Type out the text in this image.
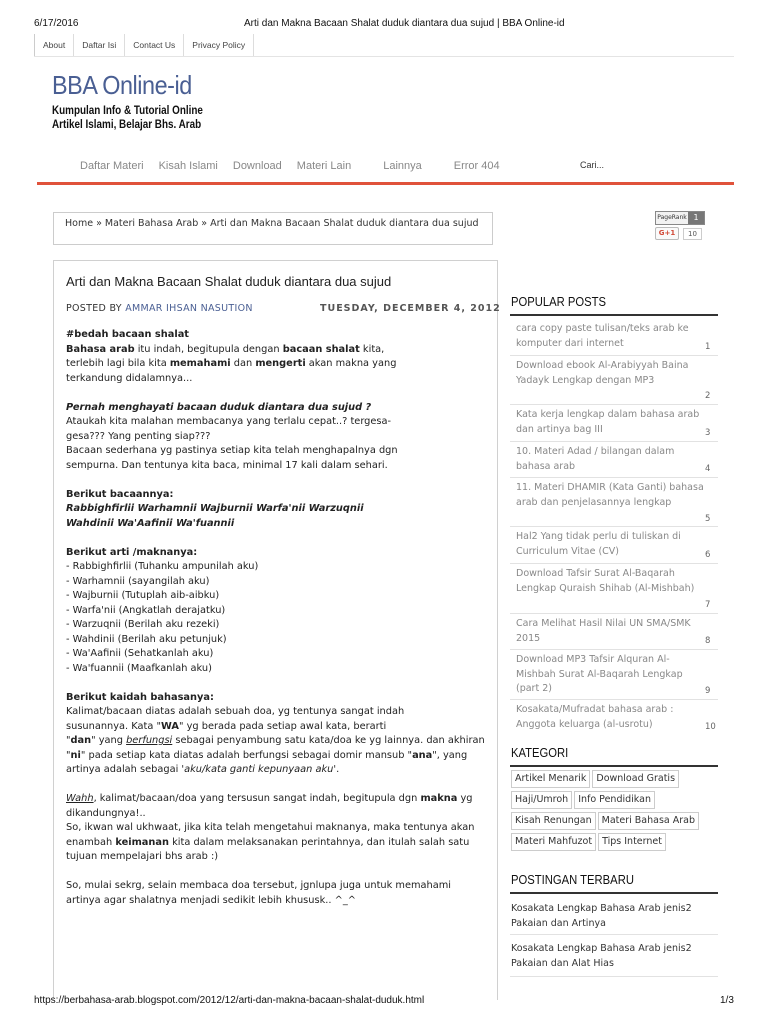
6/17/2016	Arti dan Makna Bacaan Shalat duduk diantara dua sujud | BBA Online-id
About	Daftar Isi	Contact Us	Privacy Policy
BBA Online-id
Kumpulan Info & Tutorial Online
Artikel Islami, Belajar Bhs. Arab
Daftar Materi Kisah Islami Download Materi Lain	Lainnya	Error 404	Cari...
Home » Materi Bahasa Arab » Arti dan Makna Bacaan Shalat duduk diantara dua sujud
PageRank 1
G+1	10
Arti dan Makna Bacaan Shalat duduk diantara dua sujud
POSTED BY AMMAR IHSAN NASUTION	TUESDAY, DECEMBER 4, 2012

#bedah bacaan shalat

Bahasa arab itu indah, begitupula dengan bacaan shalat kita,

terlebih lagi bila kita memahami dan mengerti akan makna yang

terkandung didalamnya...

Pernah menghayati bacaan duduk diantara dua sujud ?

Ataukah kita malahan membacanya yang terlalu cepat..? tergesa-

gesa??? Yang penting siap???

Bacaan sederhana yg pastinya setiap kita telah menghapalnya dgn

sempurna. Dan tentunya kita baca, minimal 17 kali dalam sehari.

Berikut bacaannya:

Rabbighfirlii Warhamnii Wajburnii Warfa'nii Warzuqnii

Wahdinii Wa'Aafinii Wa'fuannii

Berikut arti /maknanya:

- Rabbighfirlii (Tuhanku ampunilah aku)

- Warhamnii (sayangilah aku)

- Wajburnii (Tutuplah aib-aibku)

- Warfa'nii (Angkatlah derajatku)

- Warzuqnii (Berilah aku rezeki)

- Wahdinii (Berilah aku petunjuk)

- Wa'Aafinii (Sehatkanlah aku)

- Wa'fuannii (Maafkanlah aku)

Berikut kaidah bahasanya:

Kalimat/bacaan diatas adalah sebuah doa, yg tentunya sangat indah

susunannya. Kata "WA" yg berada pada setiap awal kata, berarti

"dan" yang berfungsi sebagai penyambung satu kata/doa ke yg lainnya. dan akhiran

"ni" pada setiap kata diatas adalah berfungsi sebagai domir mansub "ana", yang

artinya adalah sebagai 'aku/kata ganti kepunyaan aku'.

Wahh, kalimat/bacaan/doa yang tersusun sangat indah, begitupula dgn makna yg

dikandungnya!..

So, ikwan wal ukhwaat, jika kita telah mengetahui maknanya, maka tentunya akan

enambah keimanan kita dalam melaksanakan perintahnya, dan itulah salah satu

tujuan mempelajari bhs arab :)

So, mulai sekrg, selain membaca doa tersebut, jgnlupa juga untuk memahami

artinya agar shalatnya menjadi sedikit lebih khususk.. ^_^

POPULAR POSTS
cara copy paste tulisan/teks arab ke komputer dari internet	1
Download ebook Al-Arabiyyah Baina Yadayk Lengkap dengan MP3
2
Kata kerja lengkap dalam bahasa arab dan artinya bag III	3
10. Materi Adad / bilangan dalam bahasa arab	4
11. Materi DHAMIR (Kata Ganti) bahasa arab dan penjelasannya lengkap
5
Hal2 Yang tidak perlu di tuliskan di Curriculum Vitae (CV)	6
Download Tafsir Surat Al-Baqarah Lengkap Quraish Shihab (Al-Mishbah)
7
Cara Melihat Hasil Nilai UN SMA/SMK 2015	8
Download MP3 Tafsir Alquran Al-Mishbah Surat Al-Baqarah Lengkap (part 2)	9
Kosakata/Mufradat bahasa arab : Anggota keluarga (al-usrotu)	10
KATEGORI
Artikel Menarik	Download Gratis
Haji/Umroh	Info Pendidikan
Kisah Renungan	Materi Bahasa Arab
Materi Mahfuzot	Tips Internet
POSTINGAN TERBARU
Kosakata Lengkap Bahasa Arab jenis2 Pakaian dan Artinya
Kosakata Lengkap Bahasa Arab jenis2 Pakaian dan Alat Hias
https://berbahasa-arab.blogspot.com/2012/12/arti-dan-makna-bacaan-shalat-duduk.html	1/3
